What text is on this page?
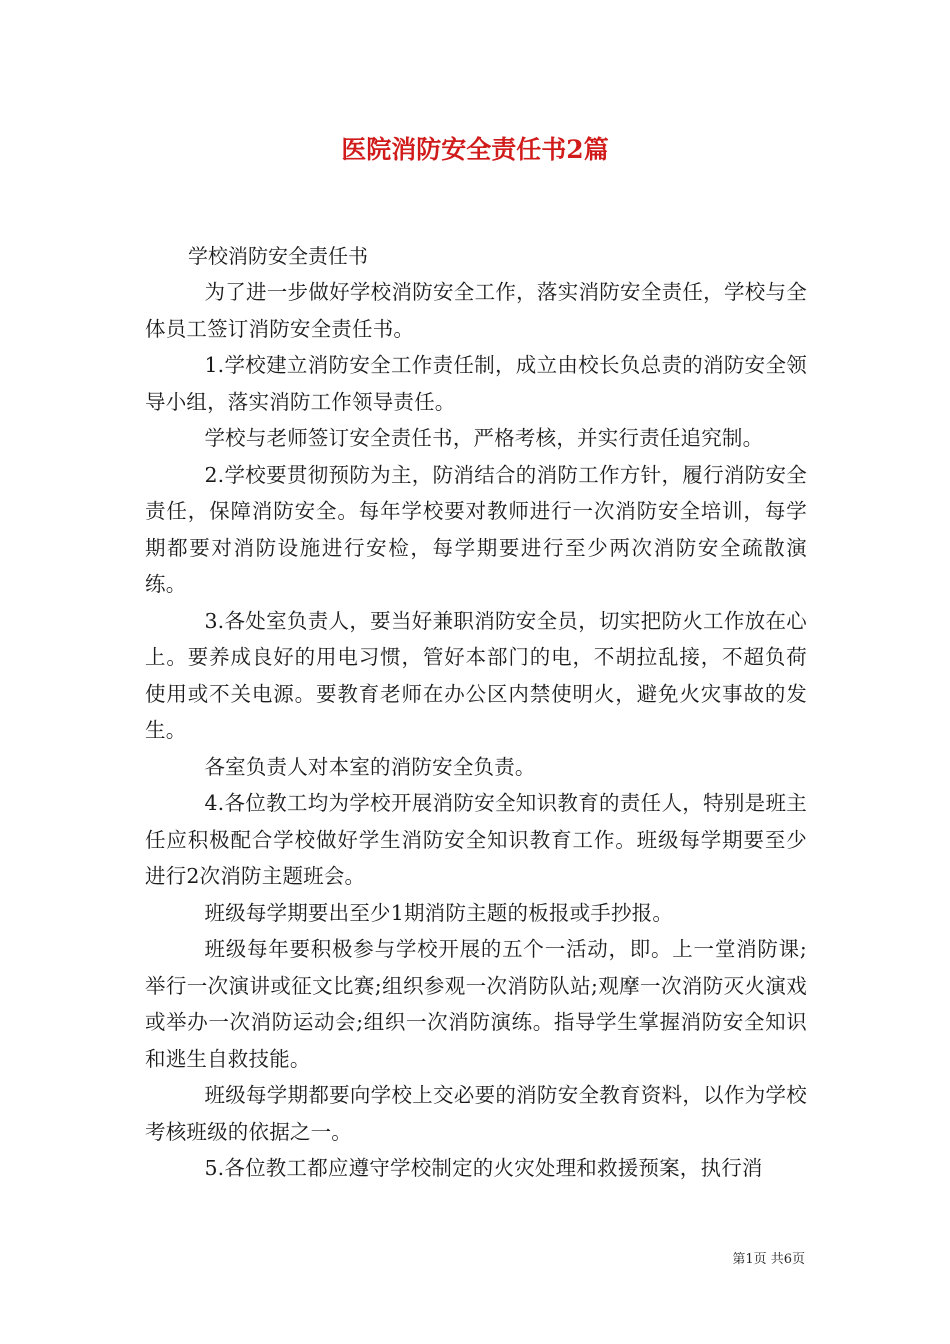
医院消防安全责任书2篇
学校消防安全责任书

为了进一步做好学校消防安全工作，落实消防安全责任，学校与全体员工签订消防安全责任书。

1.学校建立消防安全工作责任制，成立由校长负总责的消防安全领导小组，落实消防工作领导责任。

学校与老师签订安全责任书，严格考核，并实行责任追究制。

2.学校要贯彻预防为主，防消结合的消防工作方针，履行消防安全责任，保障消防安全。每年学校要对教师进行一次消防安全培训，每学期都要对消防设施进行安检，每学期要进行至少两次消防安全疏散演练。

3.各处室负责人，要当好兼职消防安全员，切实把防火工作放在心上。要养成良好的用电习惯，管好本部门的电，不胡拉乱接，不超负荷使用或不关电源。要教育老师在办公区内禁使明火，避免火灾事故的发生。

各室负责人对本室的消防安全负责。

4.各位教工均为学校开展消防安全知识教育的责任人，特别是班主任应积极配合学校做好学生消防安全知识教育工作。班级每学期要至少进行2次消防主题班会。

班级每学期要出至少1期消防主题的板报或手抄报。

班级每年要积极参与学校开展的五个一活动，即。上一堂消防课;举行一次演讲或征文比赛;组织参观一次消防队站;观摩一次消防灭火演戏或举办一次消防运动会;组织一次消防演练。指导学生掌握消防安全知识和逃生自救技能。

班级每学期都要向学校上交必要的消防安全教育资料，以作为学校考核班级的依据之一。

5.各位教工都应遵守学校制定的火灾处理和救援预案，执行消

第1页 共6页
